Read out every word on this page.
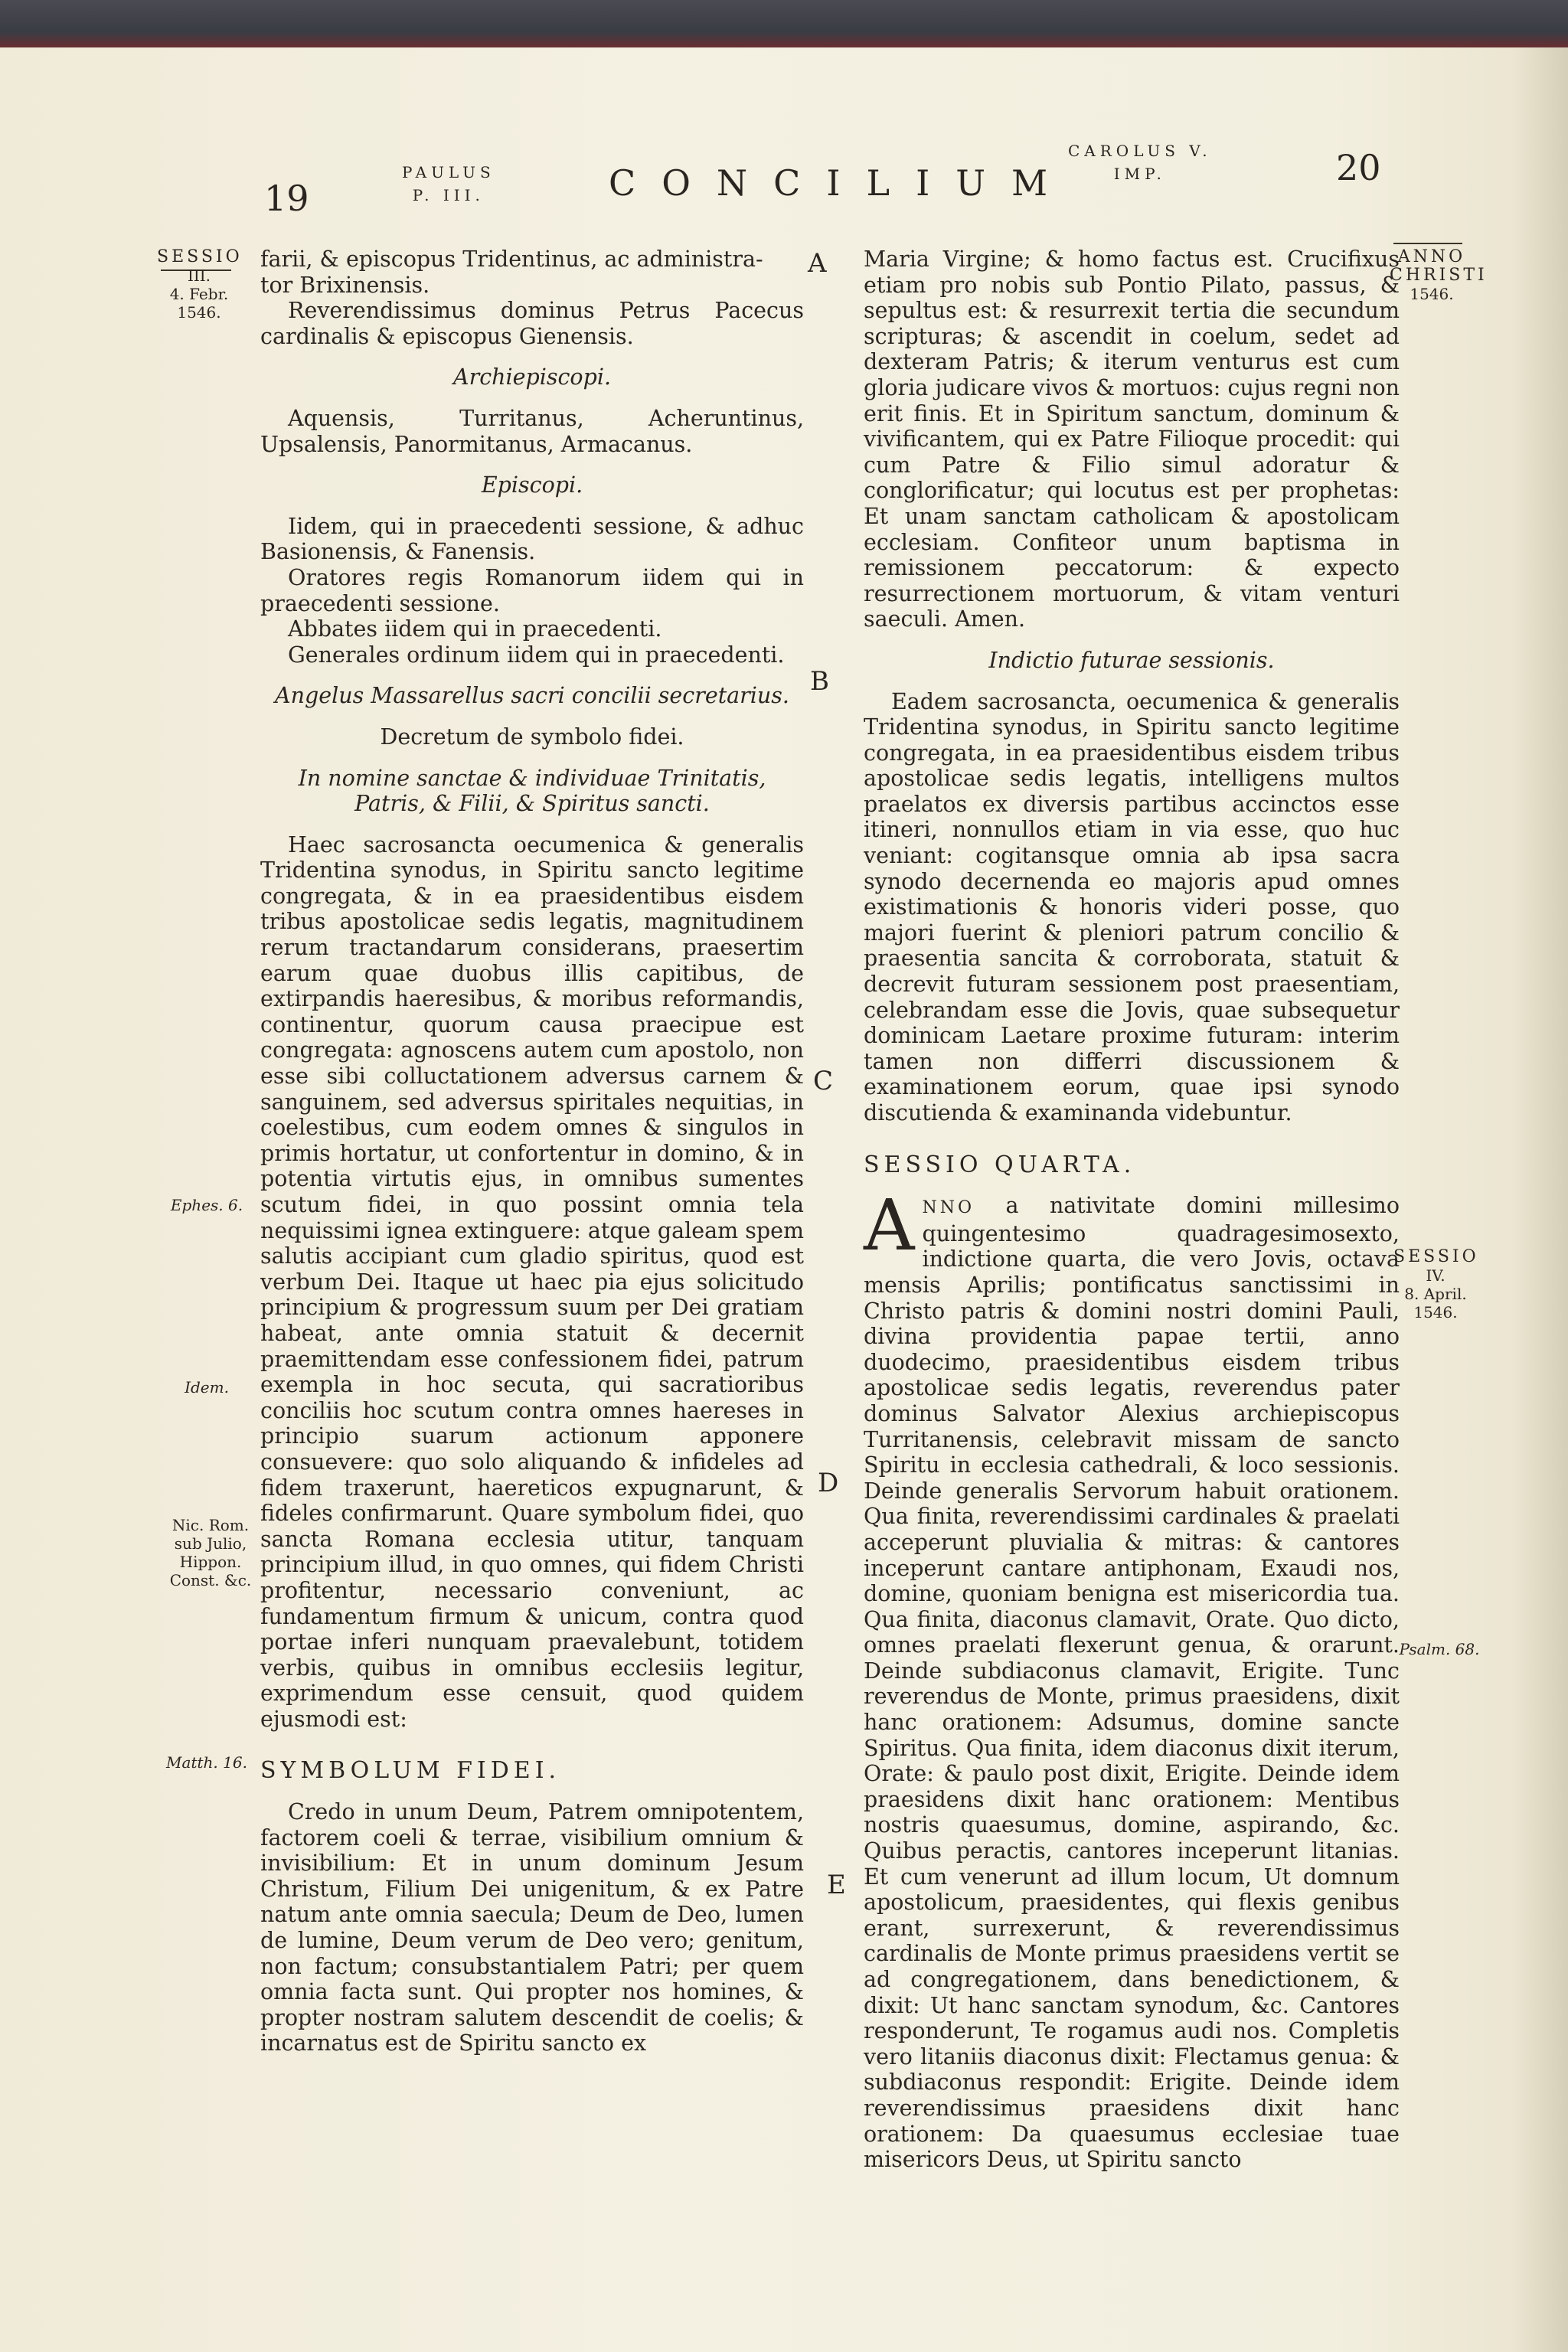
19
PAULUS
P. III.	CONCILIUM
CAROLUS V.
IMP.	20
SESSIO
III.
4. Febr.
1546.
Ephes. 6.
Idem.
Nic. Rom.
sub Julio,
Hippon.
Const. &c.
Matth. 16.
ANNO
CHRISTI
1546.
SESSIO
IV.
8. April.
1546.
Psalm. 68.
A
B
C
D
E

farii, & episcopus Tridentinus, ac administra-

tor Brixinensis.

Reverendissimus dominus Petrus Pacecus cardinalis & episcopus Gienensis.

Archiepiscopi.

Aquensis, Turritanus, Acheruntinus, Upsalensis, Panormitanus, Armacanus.

Episcopi.

Iidem, qui in praecedenti sessione, & adhuc Basionensis, & Fanensis.

Oratores regis Romanorum iidem qui in praecedenti sessione.

Abbates iidem qui in praecedenti.

Generales ordinum iidem qui in praecedenti.

Angelus Massarellus sacri concilii secretarius.

Decretum de symbolo fidei.

In nomine sanctae & individuae Trinitatis, Patris, & Filii, & Spiritus sancti.

Haec sacrosancta oecumenica & generalis Tridentina synodus, in Spiritu sancto legitime congregata, & in ea praesidentibus eisdem tribus apostolicae sedis legatis, magnitudinem rerum tractandarum considerans, praesertim earum quae duobus illis capitibus, de extirpandis haeresibus, & moribus reformandis, continentur, quorum causa praecipue est congregata: agnoscens autem cum apostolo, non esse sibi colluctationem adversus carnem & sanguinem, sed adversus spiritales nequitias, in coelestibus, cum eodem omnes & singulos in primis hortatur, ut confortentur in domino, & in potentia virtutis ejus, in omnibus sumentes scutum fidei, in quo possint omnia tela nequissimi ignea extinguere: atque galeam spem salutis accipiant cum gladio spiritus, quod est verbum Dei. Itaque ut haec pia ejus solicitudo principium & progressum suum per Dei gratiam habeat, ante omnia statuit & decernit praemittendam esse confessionem fidei, patrum exempla in hoc secuta, qui sacratioribus conciliis hoc scutum contra omnes haereses in principio suarum actionum apponere consuevere: quo solo aliquando & infideles ad fidem traxerunt, haereticos expugnarunt, & fideles confirmarunt. Quare symbolum fidei, quo sancta Romana ecclesia utitur, tanquam principium illud, in quo omnes, qui fidem Christi profitentur, necessario conveniunt, ac fundamentum firmum & unicum, contra quod portae inferi nunquam praevalebunt, totidem verbis, quibus in omnibus ecclesiis legitur, exprimendum esse censuit, quod quidem ejusmodi est:

SYMBOLUM FIDEI.

Credo in unum Deum, Patrem omnipotentem, factorem coeli & terrae, visibilium omnium & invisibilium: Et in unum dominum Jesum Christum, Filium Dei unigenitum, & ex Patre natum ante omnia saecula; Deum de Deo, lumen de lumine, Deum verum de Deo vero; genitum, non factum; consubstantialem Patri; per quem omnia facta sunt. Qui propter nos homines, & propter nostram salutem descendit de coelis; & incarnatus est de Spiritu sancto ex

Maria Virgine; & homo factus est. Crucifixus etiam pro nobis sub Pontio Pilato, passus, & sepultus est: & resurrexit tertia die secundum scripturas; & ascendit in coelum, sedet ad dexteram Patris; & iterum venturus est cum gloria judicare vivos & mortuos: cujus regni non erit finis. Et in Spiritum sanctum, dominum & vivificantem, qui ex Patre Filioque procedit: qui cum Patre & Filio simul adoratur & conglorificatur; qui locutus est per prophetas: Et unam sanctam catholicam & apostolicam ecclesiam. Confiteor unum baptisma in remissionem peccatorum: & expecto resurrectionem mortuorum, & vitam venturi saeculi. Amen.

Indictio futurae sessionis.

Eadem sacrosancta, oecumenica & generalis Tridentina synodus, in Spiritu sancto legitime congregata, in ea praesidentibus eisdem tribus apostolicae sedis legatis, intelligens multos praelatos ex diversis partibus accinctos esse itineri, nonnullos etiam in via esse, quo huc veniant: cogitansque omnia ab ipsa sacra synodo decernenda eo majoris apud omnes existimationis & honoris videri posse, quo majori fuerint & pleniori patrum concilio & praesentia sancita & corroborata, statuit & decrevit futuram sessionem post praesentiam, celebrandam esse die Jovis, quae subsequetur dominicam Laetare proxime futuram: interim tamen non differri discussionem & examinationem eorum, quae ipsi synodo discutienda & examinanda videbuntur.

SESSIO QUARTA.

ANNO a nativitate domini millesimo quingentesimo quadragesimosexto, indictione quarta, die vero Jovis, octava mensis Aprilis; pontificatus sanctissimi in Christo patris & domini nostri domini Pauli, divina providentia papae tertii, anno duodecimo, praesidentibus eisdem tribus apostolicae sedis legatis, reverendus pater dominus Salvator Alexius archiepiscopus Turritanensis, celebravit missam de sancto Spiritu in ecclesia cathedrali, & loco sessionis. Deinde generalis Servorum habuit orationem. Qua finita, reverendissimi cardinales & praelati acceperunt pluvialia & mitras: & cantores inceperunt cantare antiphonam, Exaudi nos, domine, quoniam benigna est misericordia tua. Qua finita, diaconus clamavit, Orate. Quo dicto, omnes praelati flexerunt genua, & orarunt. Deinde subdiaconus clamavit, Erigite. Tunc reverendus de Monte, primus praesidens, dixit hanc orationem: Adsumus, domine sancte Spiritus. Qua finita, idem diaconus dixit iterum, Orate: & paulo post dixit, Erigite. Deinde idem praesidens dixit hanc orationem: Mentibus nostris quaesumus, domine, aspirando, &c. Quibus peractis, cantores inceperunt litanias. Et cum venerunt ad illum locum, Ut domnum apostolicum, praesidentes, qui flexis genibus erant, surrexerunt, & reverendissimus cardinalis de Monte primus praesidens vertit se ad congregationem, dans benedictionem, & dixit: Ut hanc sanctam synodum, &c. Cantores responderunt, Te rogamus audi nos. Completis vero litaniis diaconus dixit: Flectamus genua: & subdiaconus respondit: Erigite. Deinde idem reverendissimus praesidens dixit hanc orationem: Da quaesumus ecclesiae tuae misericors Deus, ut Spiritu sancto
